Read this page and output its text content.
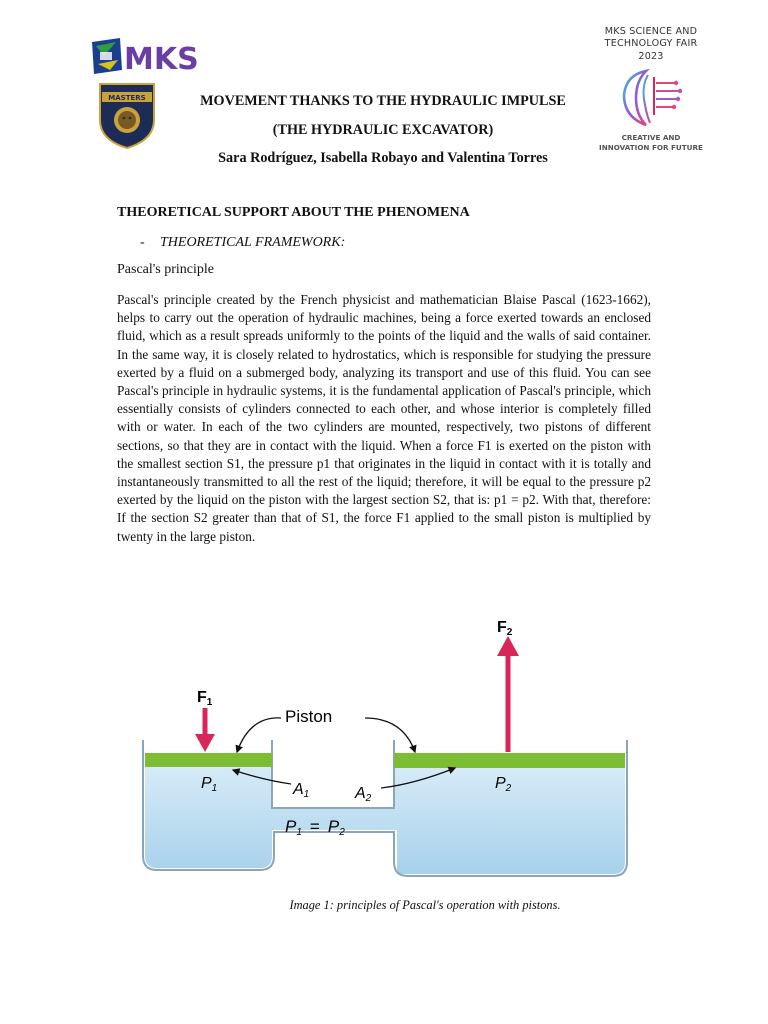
MKS
MASTERS	MOVEMENT THANKS TO THE HYDRAULIC IMPULSE
(THE HYDRAULIC EXCAVATOR)
Sara Rodríguez, Isabella Robayo and Valentina Torres
MKS SCIENCE AND
TECHNOLOGY FAIR
2023
CREATIVE AND
INNOVATION FOR FUTURE
THEORETICAL SUPPORT ABOUT THE PHENOMENA
- THEORETICAL FRAMEWORK:
Pascal's principle
Pascal's principle created by the French physicist and mathematician Blaise Pascal (1623-1662), helps to carry out the operation of hydraulic machines, being a force exerted towards an enclosed fluid, which as a result spreads uniformly to the points of the liquid and the walls of said container. In the same way, it is closely related to hydrostatics, which is responsible for studying the pressure exerted by a fluid on a submerged body, analyzing its transport and use of this fluid. You can see Pascal's principle in hydraulic systems, it is the fundamental application of Pascal's principle, which essentially consists of cylinders connected to each other, and whose interior is completely filled with or water. In each of the two cylinders are mounted, respectively, two pistons of different sections, so that they are in contact with the liquid. When a force F1 is exerted on the piston with the smallest section S1, the pressure p1 that originates in the liquid in contact with it is totally and instantaneously transmitted to all the rest of the liquid; therefore, it will be equal to the pressure p2 exerted by the liquid on the piston with the largest section S2, that is: p1 = p2. With that, therefore: If the section S2 greater than that of S1, the force F1 applied to the small piston is multiplied by twenty in the large piston.
F1
F2
Piston
P1	P2
A1	A2
P1 = P2
Image 1: principles of Pascal's operation with pistons.
